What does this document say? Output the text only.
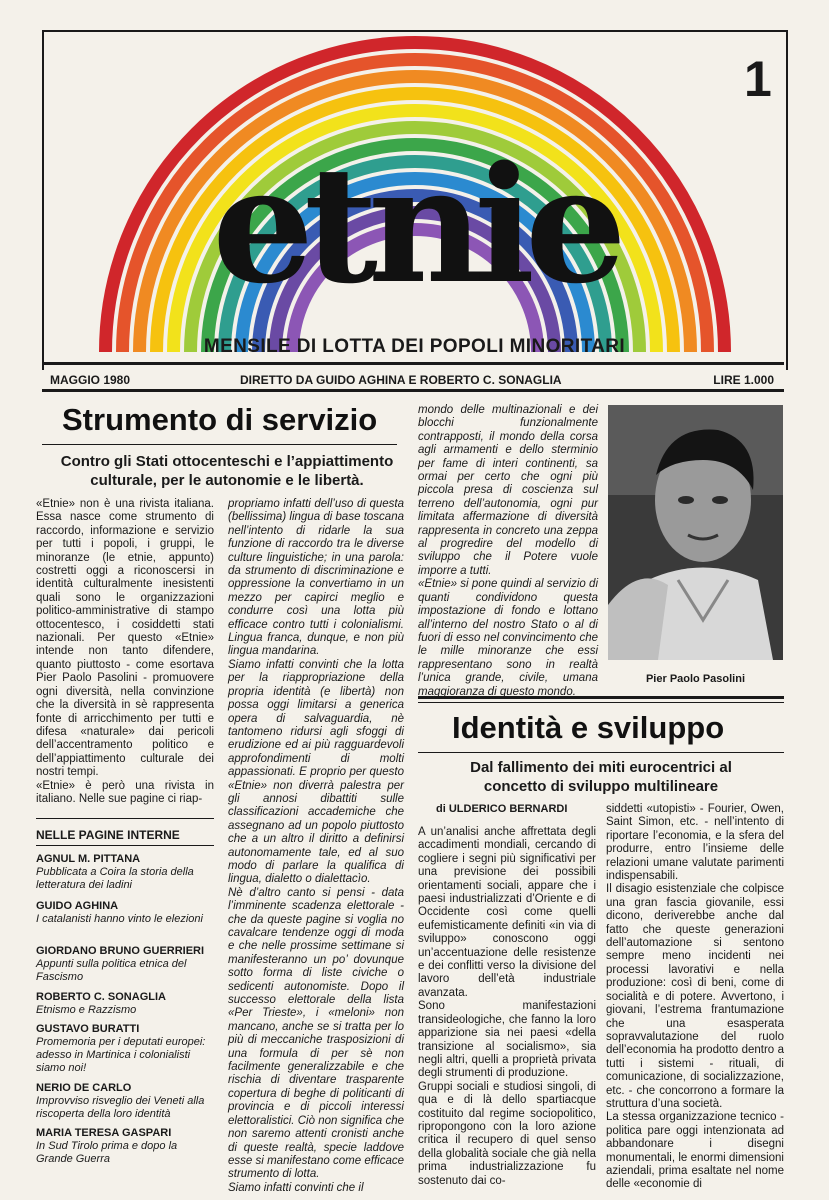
1
etnie
MENSILE DI LOTTA DEI POPOLI MINORITARI
MAGGIO 1980	DIRETTO DA GUIDO AGHINA E ROBERTO C. SONAGLIA	LIRE 1.000
Strumento di servizio
Contro gli Stati ottocenteschi e l’appiattimento
culturale, per le autonomie e le libertà.

«Etnie» non è una rivista italiana. Essa nasce come strumento di raccordo, informazione e servizio per tutti i popoli, i gruppi, le minoranze (le etnie, appunto) costretti oggi a riconoscersi in identità culturalmente inesistenti quali sono le organizzazioni politico-amministrative di stampo ottocentesco, i cosiddetti stati nazionali. Per questo «Etnie» intende non tanto difendere, quanto piuttosto - come esortava Pier Paolo Pasolini - promuovere ogni diversità, nella convinzione che la diversità in sè rappresenta fonte di arricchimento per tutti e difesa «naturale» dai pericoli dell’accentramento politico e dell’appiattimento culturale dei nostri tempi.

«Etnie» è però una rivista in italiano. Nelle sue pagine ci riap-

propriamo infatti dell’uso di questa (bellissima) lingua di base toscana nell’intento di ridarle la sua funzione di raccordo tra le diverse culture linguistiche; in una parola: da strumento di discriminazione e oppressione la convertiamo in un mezzo per capirci meglio e condurre così una lotta più efficace contro tutti i colonialismi. Lingua franca, dunque, e non più lingua mandarina.

Siamo infatti convinti che la lotta per la riappropriazione della propria identità (e libertà) non possa oggi limitarsi a generica opera di salvaguardia, nè tantomeno ridursi agli sfoggi di erudizione ed ai più ragguardevoli approfondimenti di molti appassionati. E proprio per questo «Etnie» non diverrà palestra per gli annosi dibattiti sulle classificazioni accademiche che assegnano ad un popolo piuttosto che a un altro il diritto a definirsi autonomamente tale, ed al suo modo di parlare la qualifica di lingua, dialetto o dialettacìo.

Nè d’altro canto si pensi - data l’imminente scadenza elettorale - che da queste pagine si voglia no cavalcare tendenze oggi di moda e che nelle prossime settimane si manifesteranno un po’ dovunque sotto forma di liste civiche o sedicenti autonomiste. Dopo il successo elettorale della lista «Per Trieste», i «meloni» non mancano, anche se si tratta per lo più di meccaniche trasposizioni di una formula di per sè non facilmente generalizzabile e che rischia di diventare trasparente copertura di beghe di politicanti di provincia e di piccoli interessi elettoralistici. Ciò non significa che non saremo attenti cronisti anche di queste realtà, specie laddove esse si manifestano come efficace strumento di lotta.

Siamo infatti convinti che il

mondo delle multinazionali e dei blocchi funzionalmente contrapposti, il mondo della corsa agli armamenti e dello sterminio per fame di interi continenti, sa ormai per certo che ogni più piccola presa di coscienza sul terreno dell’autonomia, ogni pur limitata affermazione di diversità rappresenta in concreto una zeppa al progredire del modello di sviluppo che il Potere vuole imporre a tutti.

«Etnie» si pone quindi al servizio di quanti condividono questa impostazione di fondo e lottano all’interno del nostro Stato o al di fuori di esso nel convincimento che le mille minoranze che essi rappresentano sono in realtà l’unica grande, civile, umana maggioranza di questo mondo.

Pier Paolo Pasolini
NELLE PAGINE INTERNE
AGNUL M. PITTANA
Pubblicata a Coira la storia della letteratura dei ladini
GUIDO AGHINA
I catalanisti hanno vinto le elezioni
GIORDANO BRUNO GUERRIERI
Appunti sulla politica etnica del Fascismo
ROBERTO C. SONAGLIA
Etnismo e Razzismo
GUSTAVO BURATTI
Promemoria per i deputati europei: adesso in Martinica i colonialisti siamo noi!
NERIO DE CARLO
Improvviso risveglio dei Veneti alla riscoperta della loro identità
MARIA TERESA GASPARI
In Sud Tirolo prima e dopo la Grande Guerra
Identità e sviluppo
Dal fallimento dei miti eurocentrici al
concetto di sviluppo multilineare
di ULDERICO BERNARDI

A un’analisi anche affrettata degli accadimenti mondiali, cercando di cogliere i segni più significativi per una previsione dei possibili orientamenti sociali, appare che i paesi industrializzati d’Oriente e di Occidente così come quelli eufemisticamente definiti «in via di sviluppo» conoscono oggi un’accentuazione delle resistenze e dei conflitti verso la divisione del lavoro dell’età industriale avanzata.

Sono manifestazioni transideologiche, che fanno la loro apparizione sia nei paesi «della transizione al socialismo», sia negli altri, quelli a proprietà privata degli strumenti di produzione.

Gruppi sociali e studiosi singoli, di qua e di là dello spartiacque costituito dal regime sociopolitico, ripropongono con la loro azione critica il recupero di quel senso della globalità sociale che già nella prima industrializzazione fu sostenuto dai co-

siddetti «utopisti» - Fourier, Owen, Saint Simon, etc. - nell’intento di riportare l’economia, e la sfera del produrre, entro l’insieme delle relazioni umane valutate parimenti indispensabili.

Il disagio esistenziale che colpisce una gran fascia giovanile, essi dicono, deriverebbe anche dal fatto che queste generazioni dell’automazione si sentono sempre meno incidenti nei processi lavorativi e nella produzione: così di beni, come di socialità e di potere. Avvertono, i giovani, l’estrema frantumazione che una esasperata sopravvalutazione del ruolo dell’economia ha prodotto dentro a tutti i sistemi - rituali, di comunicazione, di socializzazione, etc. - che concorrono a formare la struttura d’una società.

La stessa organizzazione tecnico - politica pare oggi intenzionata ad abbandonare i disegni monumentali, le enormi dimensioni aziendali, prima esaltate nel nome delle «economie di
